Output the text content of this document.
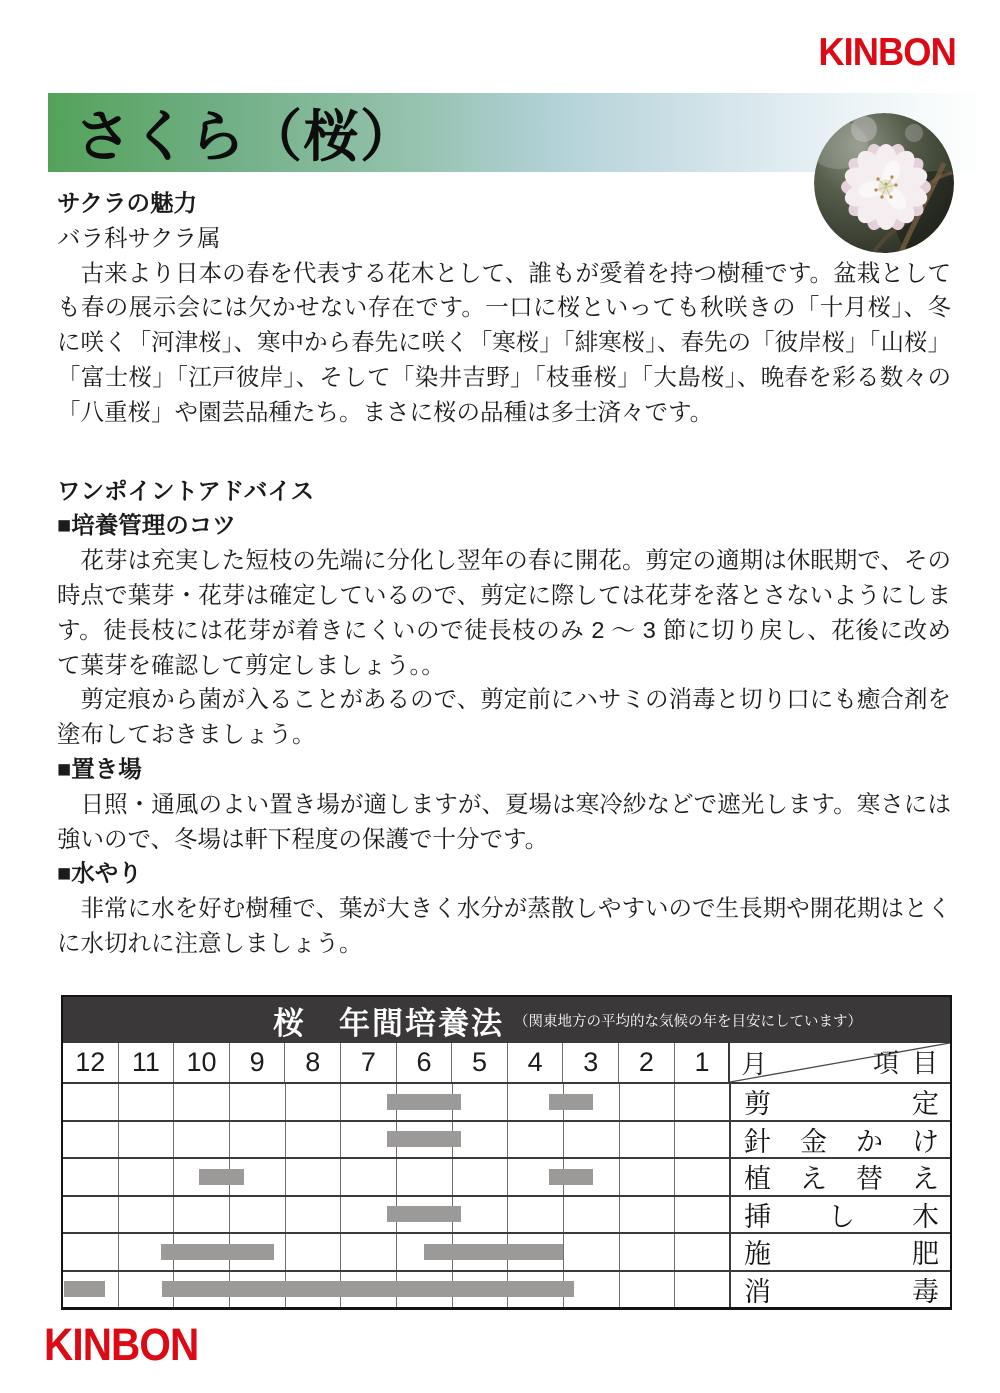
KINBON
さくら（桜）
サクラの魅力

バラ科サクラ属

　古来より日本の春を代表する花木として、誰もが愛着を持つ樹種です。盆栽としても春の展示会には欠かせない存在です。一口に桜といっても秋咲きの「十月桜」、冬に咲く「河津桜」、寒中から春先に咲く「寒桜」「緋寒桜」、春先の「彼岸桜」「山桜」「富士桜」「江戸彼岸」、そして「染井吉野」「枝垂桜」「大島桜」、晩春を彩る数々の「八重桜」や園芸品種たち。まさに桜の品種は多士済々です。

ワンポイントアドバイス
■培養管理のコツ

　花芽は充実した短枝の先端に分化し翌年の春に開花。剪定の適期は休眠期で、その時点で葉芽・花芽は確定しているので、剪定に際しては花芽を落とさないようにします。徒長枝には花芽が着きにくいので徒長枝のみ 2 ～ 3 節に切り戻し、花後に改めて葉芽を確認して剪定しましょう。。

　剪定痕から菌が入ることがあるので、剪定前にハサミの消毒と切り口にも癒合剤を塗布しておきましょう。

■置き場

　日照・通風のよい置き場が適しますが、夏場は寒冷紗などで遮光します。寒さには強いので、冬場は軒下程度の保護で十分です。

■水やり

　非常に水を好む樹種で、葉が大きく水分が蒸散しやすいので生長期や開花期はとくに水切れに注意しましょう。

桜　年間培養法 （関東地方の平均的な気候の年を目安にしています）
12 11 10	9	8	7	6	5	4	3	2	1	月	項目
剪	定
針 金 か け
植 え 替 え
挿 し 木
施	肥
消	毒
KINBON
